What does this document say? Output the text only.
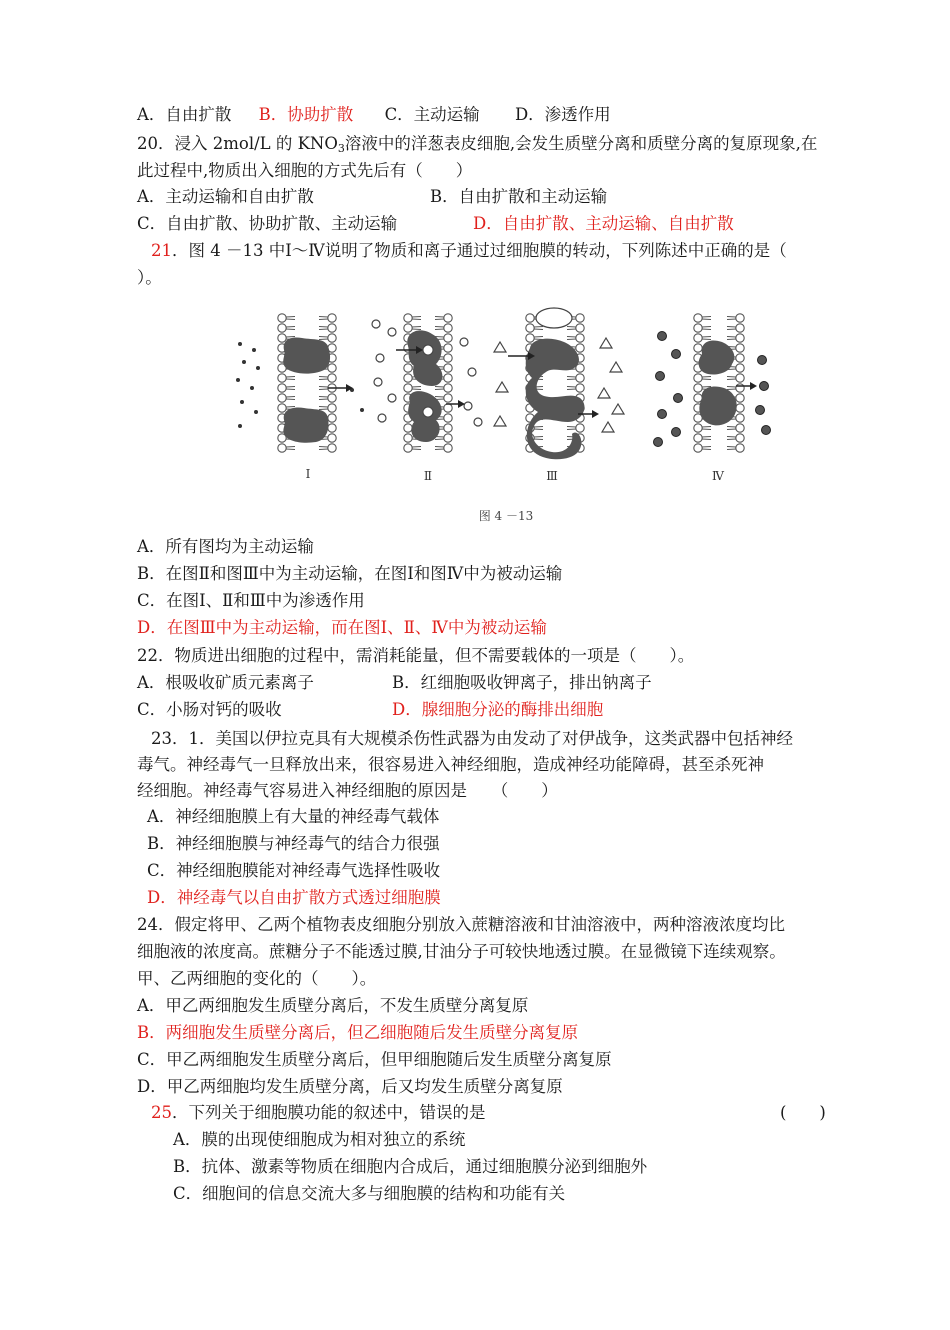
A．自由扩散 B．协助扩散 C．主动运输 D．渗透作用
20．浸入 2mol/L 的 $KNO_3$溶液中的洋葱表皮细胞,会发生质壁分离和质壁分离的复原现象,在
此过程中,物质出入细胞的方式先后有（　　）
A．主动运输和自由扩散	B．自由扩散和主动运输
C．自由扩散、协助扩散、主动运输	D．自由扩散、主动运输、自由扩散
21．图 4 －13 中Ⅰ～Ⅳ说明了物质和离子通过过细胞膜的转动，下列陈述中正确的是（
）。
Ⅰ	Ⅱ	Ⅲ	Ⅳ
图 4 －13
A．所有图均为主动运输
B．在图Ⅱ和图Ⅲ中为主动运输，在图Ⅰ和图Ⅳ中为被动运输
C．在图Ⅰ、Ⅱ和Ⅲ中为渗透作用
D．在图Ⅲ中为主动运输，而在图Ⅰ、Ⅱ、Ⅳ中为被动运输
22．物质进出细胞的过程中，需消耗能量，但不需要载体的一项是（　　）。
A．根吸收矿质元素离子	B．红细胞吸收钾离子，排出钠离子
C．小肠对钙的吸收	D．腺细胞分泌的酶排出细胞
23．1．美国以伊拉克具有大规模杀伤性武器为由发动了对伊战争，这类武器中包括神经
毒气。神经毒气一旦释放出来，很容易进入神经细胞，造成神经功能障碍，甚至杀死神
经细胞。神经毒气容易进入神经细胞的原因是　　（　　）
A．神经细胞膜上有大量的神经毒气载体
B．神经细胞膜与神经毒气的结合力很强
C．神经细胞膜能对神经毒气选择性吸收
D．神经毒气以自由扩散方式透过细胞膜
24．假定将甲、乙两个植物表皮细胞分别放入蔗糖溶液和甘油溶液中，两种溶液浓度均比
细胞液的浓度高。蔗糖分子不能透过膜,甘油分子可较快地透过膜。在显微镜下连续观察。
甲、乙两细胞的变化的（　　）。
A．甲乙两细胞发生质壁分离后，不发生质壁分离复原
B．两细胞发生质壁分离后，但乙细胞随后发生质壁分离复原
C．甲乙两细胞发生质壁分离后，但甲细胞随后发生质壁分离复原
D．甲乙两细胞均发生质壁分离，后又均发生质壁分离复原
25．下列关于细胞膜功能的叙述中，错误的是	(　　)
A．膜的出现使细胞成为相对独立的系统
B．抗体、激素等物质在细胞内合成后，通过细胞膜分泌到细胞外
C．细胞间的信息交流大多与细胞膜的结构和功能有关
